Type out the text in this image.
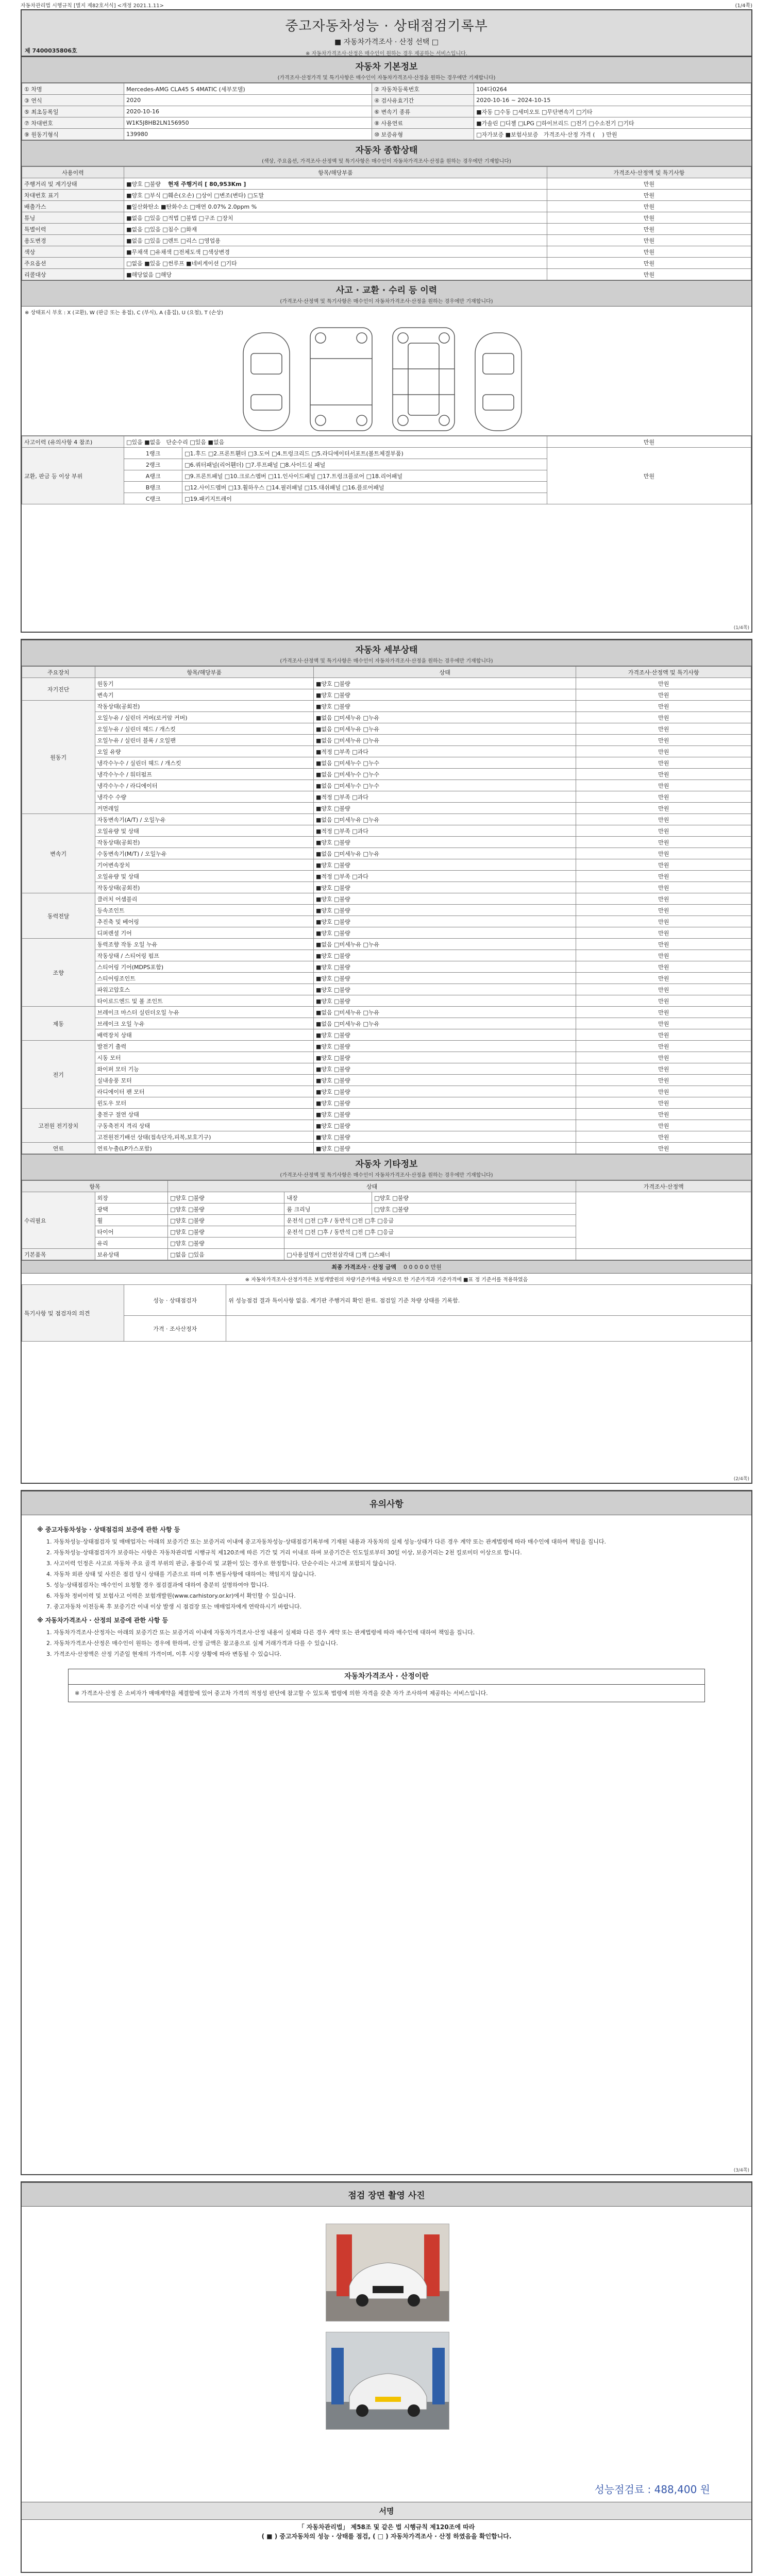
자동차관리법 시행규칙 [별지 제82호서식] <개정 2021.1.11>	(1/4쪽)
중고자동차성능 · 상태점검기록부
■ 자동차가격조사 · 산정 선택 □
※ 자동차가격조사·산정은 매수인이 원하는 경우 제공하는 서비스입니다.
제 7400035806호
자동차 기본정보
(가격조사·산정가격 및 특기사항은 매수인이 자동차가격조사·산정을 원하는 경우에만 기재합니다)
① 차명	Mercedes-AMG CLA45 S 4MATIC (세부모델)	② 자동차등록번호	104다0264
③ 연식	2020	④ 검사유효기간	2020-10-16 ~ 2024-10-15
⑤ 최초등록일	2020-10-16	⑥ 변속기 종류	■자동 □수동 □세미오토 □무단변속기 □기타
⑦ 차대번호	W1K5J8HB2LN156950	⑧ 사용연료	■가솔린 □디젤 □LPG □하이브리드 □전기 □수소전기 □기타
⑨ 원동기형식	139980	⑩ 보증유형	□자가보증 ■보험사보증 가격조사·산정 가격 (    ) 만원
자동차 종합상태
(색상, 주요옵션, 가격조사·산정액 및 특기사항은 매수인이 자동차가격조사·산정을 원하는 경우에만 기재합니다)
사용이력	항목/해당부품	가격조사·산정액 및 특기사항
주행거리 및 계기상태	■양호 □불량 현재 주행거리 [ 80,953Km ]	만원
차대번호 표기	■양호 □부식 □훼손(오손) □상이 □변조(변타) □도말	만원
배출가스	■일산화탄소 ■탄화수소 □매연 0.07% 2.0ppm %	만원
튜닝	■없음 □있음 □적법 □불법 □구조 □장치	만원
특별이력	■없음 □있음 □침수 □화재	만원
용도변경	■없음 □있음 □렌트 □리스 □영업용	만원
색상	■무채색 □유채색 □전체도색 □색상변경	만원
주요옵션	□없음 ■있음 □썬루프 ■네비게이션 □기타	만원
리콜대상	■해당없음 □해당	만원
사고 · 교환 · 수리 등 이력
(가격조사·산정액 및 특기사항은 매수인이 자동차가격조사·산정을 원하는 경우에만 기재합니다)
※ 상태표시 부호 : X (교환), W (판금 또는 용접), C (부식), A (흠집), U (요철), T (손상)
사고이력 (유의사항 4 참조)	□있음 ■없음 단순수리 □있음 ■없음		만원
교환, 판금 등 이상 부위	1랭크	□1.후드 □2.프론트휀더 □3.도어 □4.트렁크리드 □5.라디에이터서포트(볼트체결부품)	만원
	2랭크	□6.쿼터패널(리어휀더) □7.루프패널 □8.사이드실 패널	
	A랭크	□9.프론트패널 □10.크로스멤버 □11.인사이드패널 □17.트렁크플로어 □18.리어패널	
	B랭크	□12.사이드멤버 □13.휠하우스 □14.필러패널 □15.대쉬패널 □16.플로어패널	
	C랭크	□19.패키지트레이	
(1/4쪽)
자동차 세부상태
(가격조사·산정액 및 특기사항은 매수인이 자동차가격조사·산정을 원하는 경우에만 기재합니다)
주요장치	항목/해당부품	상태	가격조사·산정액 및 특기사항
자기진단	원동기	■양호 □불량	만원
	변속기	■양호 □불량	만원
원동기	작동상태(공회전)	■양호 □불량	만원
	오일누유 / 실린더 커버(로커암 커버)	■없음 □미세누유 □누유	만원
	오일누유 / 실린더 헤드 / 개스킷	■없음 □미세누유 □누유	만원
	오일누유 / 실린더 블록 / 오일팬	■없음 □미세누유 □누유	만원
	오일 유량	■적정 □부족 □과다	만원
	냉각수누수 / 실린더 헤드 / 개스킷	■없음 □미세누수 □누수	만원
	냉각수누수 / 워터펌프	■없음 □미세누수 □누수	만원
	냉각수누수 / 라디에이터	■없음 □미세누수 □누수	만원
	냉각수 수량	■적정 □부족 □과다	만원
	커먼레일	■양호 □불량	만원
변속기	자동변속기(A/T) / 오일누유	■없음 □미세누유 □누유	만원
	오일유량 및 상태	■적정 □부족 □과다	만원
	작동상태(공회전)	■양호 □불량	만원
	수동변속기(M/T) / 오일누유	■없음 □미세누유 □누유	만원
	기어변속장치	■양호 □불량	만원
	오일유량 및 상태	■적정 □부족 □과다	만원
	작동상태(공회전)	■양호 □불량	만원
동력전달	클러치 어셈블리	■양호 □불량	만원
	등속조인트	■양호 □불량	만원
	추진축 및 베어링	■양호 □불량	만원
	디퍼렌셜 기어	■양호 □불량	만원
조향	동력조향 작동 오일 누유	■없음 □미세누유 □누유	만원
	작동상태 / 스티어링 펌프	■양호 □불량	만원
	스티어링 기어(MDPS포함)	■양호 □불량	만원
	스티어링조인트	■양호 □불량	만원
	파워고압호스	■양호 □불량	만원
	타이로드엔드 및 볼 조인트	■양호 □불량	만원
제동	브레이크 마스터 실린더오일 누유	■없음 □미세누유 □누유	만원
	브레이크 오일 누유	■없음 □미세누유 □누유	만원
	배력장치 상태	■양호 □불량	만원
전기	발전기 출력	■양호 □불량	만원
	시동 모터	■양호 □불량	만원
	와이퍼 모터 기능	■양호 □불량	만원
	실내송풍 모터	■양호 □불량	만원
	라디에이터 팬 모터	■양호 □불량	만원
	윈도우 모터	■양호 □불량	만원
고전원 전기장치	충전구 절연 상태	■양호 □불량	만원
	구동축전지 격리 상태	■양호 □불량	만원
	고전원전기배선 상태(접속단자,피복,보호기구)	■양호 □불량	만원
연료	연료누출(LP가스포함)	■양호 □불량	만원
자동차 기타정보
(가격조사·산정액 및 특기사항은 매수인이 자동차가격조사·산정을 원하는 경우에만 기재합니다)
항목		상태			가격조사·산정액
수리필요	외장	□양호 □불량	내장	□양호 □불량	
	광택	□양호 □불량	룸 크리닝	□양호 □불량	
	휠	□양호 □불량	운전석 □전 □후 / 동반석 □전 □후 □응급		
	타이어	□양호 □불량	운전석 □전 □후 / 동반석 □전 □후 □응급		
	유리	□양호 □불량			
기본품목	보유상태	□없음 □있음	□사용설명서 □안전삼각대 □잭 □스패너		
최종 가격조사 · 산정 금액 0 0 0 0 0 만원
※ 자동차가격조사·산정가격은 보험개발원의 차량기준가액을 바탕으로 한 기준가격과 기준가격에 ■표 정 기준서를 적용하였음
특기사항 및 점검자의 의견	성능 · 상태점검자	위 성능점검 결과 특이사항 없음. 계기판 주행거리 확인 완료. 점검일 기준 차량 상태를 기록함.
	가격 · 조사산정자	
(2/4쪽)
유의사항
※ 중고자동차성능 · 상태점검의 보증에 관한 사항 등
1. 자동차성능·상태점검자 및 매매업자는 아래의 보증기간 또는 보증거리 이내에 중고자동차성능·상태점검기록부에 기재된 내용과 자동차의 실제 성능·상태가 다른 경우 계약 또는 관계법령에 따라 매수인에 대하여 책임을 집니다.
2. 자동차성능·상태점검자가 보증하는 사항은 자동차관리법 시행규칙 제120조에 따른 기간 및 거리 이내로 하며 보증기간은 인도일로부터 30일 이상, 보증거리는 2천 킬로미터 이상으로 합니다.
3. 사고이력 인정은 사고로 자동차 주요 골격 부위의 판금, 용접수리 및 교환이 있는 경우로 한정합니다. 단순수리는 사고에 포함되지 않습니다.
4. 자동차 외관 상태 및 사진은 점검 당시 상태를 기준으로 하며 이후 변동사항에 대하여는 책임지지 않습니다.
5. 성능·상태점검자는 매수인이 요청할 경우 점검결과에 대하여 충분히 설명하여야 합니다.
6. 자동차 정비이력 및 보험사고 이력은 보험개발원(www.carhistory.or.kr)에서 확인할 수 있습니다.
7. 중고자동차 이전등록 후 보증기간 이내 이상 발생 시 점검장 또는 매매업자에게 연락하시기 바랍니다.
※ 자동차가격조사 · 산정의 보증에 관한 사항 등
1. 자동차가격조사·산정자는 아래의 보증기간 또는 보증거리 이내에 자동차가격조사·산정 내용이 실제와 다른 경우 계약 또는 관계법령에 따라 매수인에 대하여 책임을 집니다.
2. 자동차가격조사·산정은 매수인이 원하는 경우에 한하며, 산정 금액은 참고용으로 실제 거래가격과 다를 수 있습니다.
3. 가격조사·산정액은 산정 기준일 현재의 가격이며, 이후 시장 상황에 따라 변동될 수 있습니다.
자동차가격조사 · 산정이란
※ 가격조사·산정 은 소비자가 매매계약을 체결함에 있어 중고차 가격의 적정성 판단에 참고할 수 있도록 법령에 의한 자격을 갖춘 자가 조사하여 제공하는 서비스입니다.
(3/4쪽)
점검 장면 촬영 사진
서명
성능점검료 : 488,400 원
「 자동차관리법」 제58조 및 같은 법 시행규칙 제120조에 따라
( ■ ) 중고자동차의 성능 · 상태를 점검, ( □ ) 자동차가격조사 · 산정 하였음을 확인합니다.
